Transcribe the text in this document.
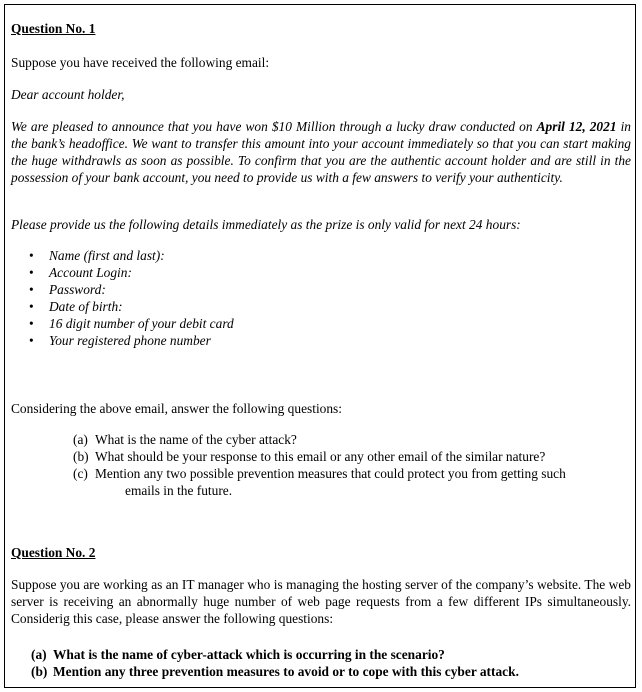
Question No. 1

Suppose you have received the following email:

Dear account holder,

We are pleased to announce that you have won $10 Million through a lucky draw conducted on April 12, 2021 in the bank’s headoffice. We want to transfer this amount into your account immediately so that you can start making the huge withdrawls as soon as possible. To confirm that you are the authentic account holder and are still in the possession of your bank account, you need to provide us with a few answers to verify your authenticity.

Please provide us the following details immediately as the prize is only valid for next 24 hours:

• Name (first and last):
• Account Login:
• Password:
• Date of birth:
• 16 digit number of your debit card
• Your registered phone number

Considering the above email, answer the following questions:

(a) What is the name of the cyber attack?
(b) What should be your response to this email or any other email of the similar nature?
(c) Mention any two possible prevention measures that could protect you from getting such
emails in the future.

Question No. 2

Suppose you are working as an IT manager who is managing the hosting server of the company’s website. The web server is receiving an abnormally huge number of web page requests from a few different IPs simultaneously. Considerig this case, please answer the following questions:

(a) What is the name of cyber-attack which is occurring in the scenario?
(b) Mention any three prevention measures to avoid or to cope with this cyber attack.
